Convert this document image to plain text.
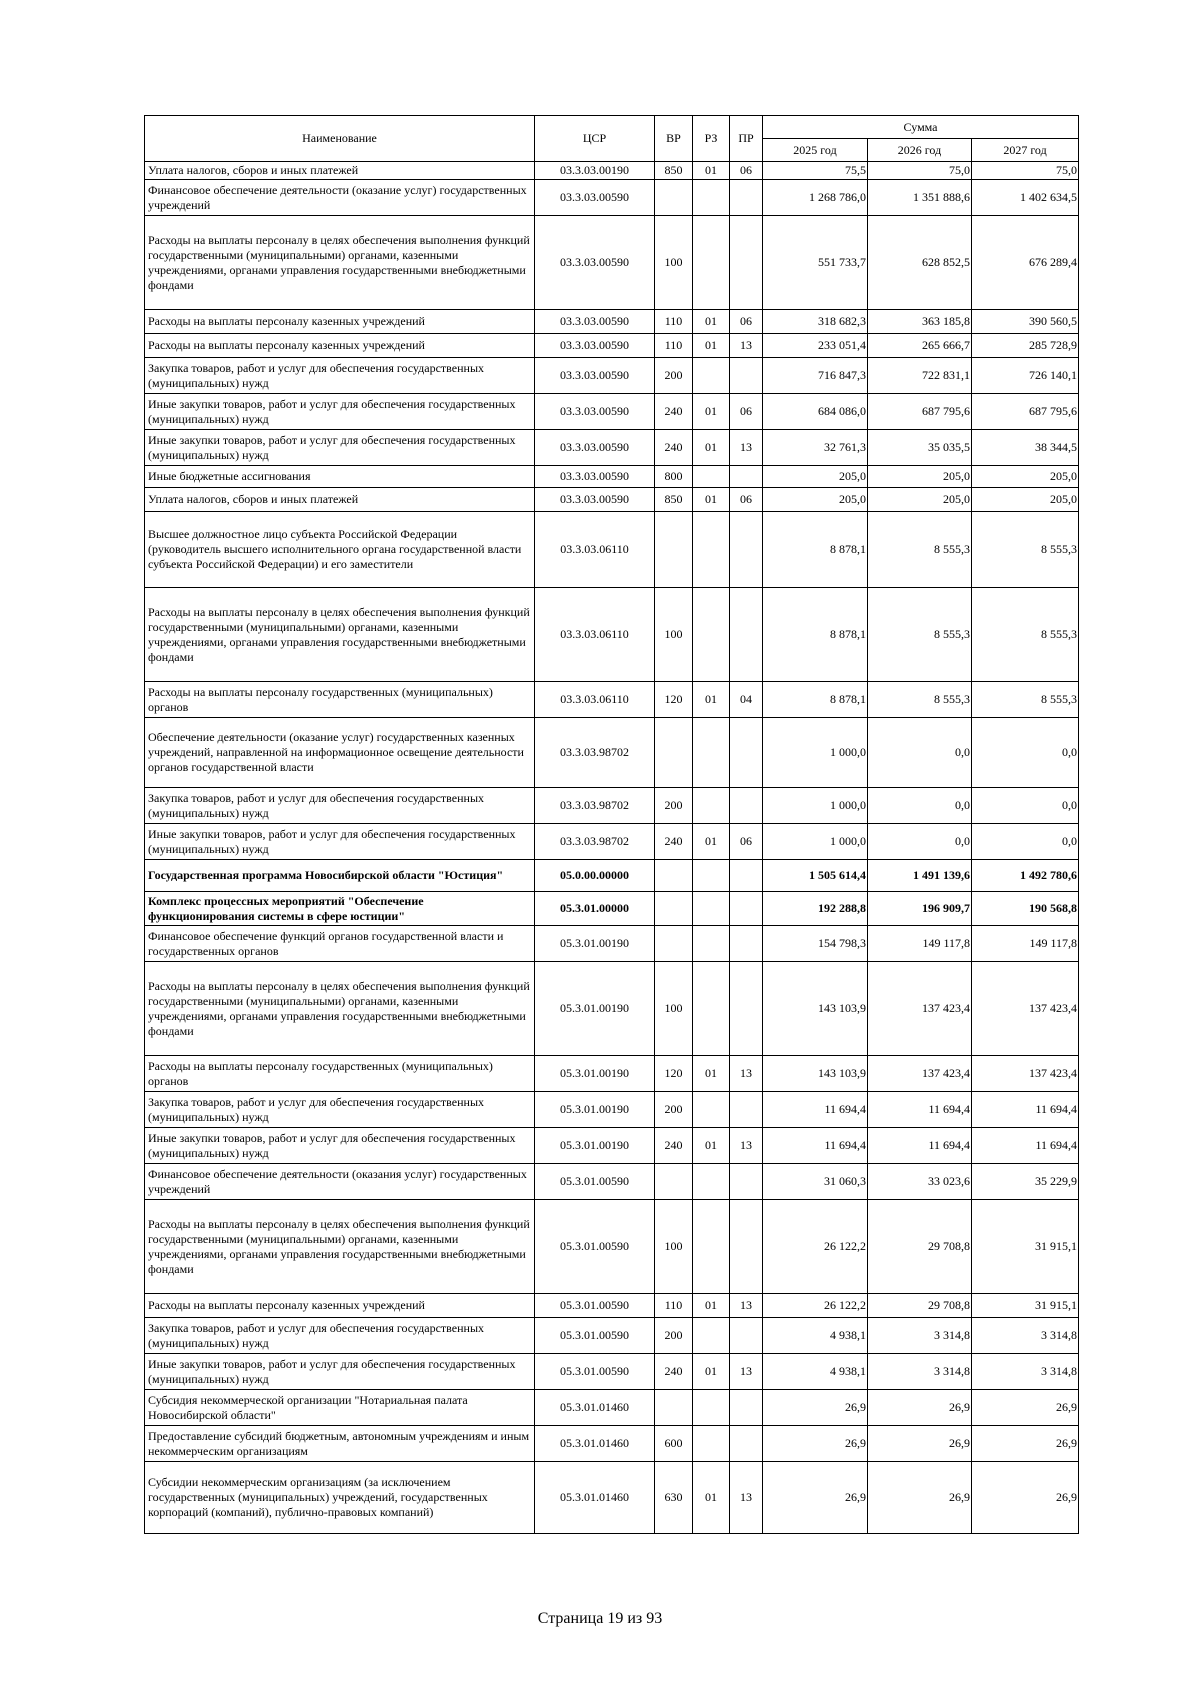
Наименование	ЦСР	ВР	РЗ	ПР	Сумма		
					2025 год	2026 год	2027 год
Уплата налогов, сборов и иных платежей	03.3.03.00190	850	01	06	75,5	75,0	75,0
Финансовое обеспечение деятельности (оказание услуг) государственных учреждений	03.3.03.00590				1 268 786,0	1 351 888,6	1 402 634,5
Расходы на выплаты персоналу в целях обеспечения выполнения функций государственными (муниципальными) органами, казенными учреждениями, органами управления государственными внебюджетными фондами	03.3.03.00590	100			551 733,7	628 852,5	676 289,4
Расходы на выплаты персоналу казенных учреждений	03.3.03.00590	110	01	06	318 682,3	363 185,8	390 560,5
Расходы на выплаты персоналу казенных учреждений	03.3.03.00590	110	01	13	233 051,4	265 666,7	285 728,9
Закупка товаров, работ и услуг для обеспечения государственных (муниципальных) нужд	03.3.03.00590	200			716 847,3	722 831,1	726 140,1
Иные закупки товаров, работ и услуг для обеспечения государственных (муниципальных) нужд	03.3.03.00590	240	01	06	684 086,0	687 795,6	687 795,6
Иные закупки товаров, работ и услуг для обеспечения государственных (муниципальных) нужд	03.3.03.00590	240	01	13	32 761,3	35 035,5	38 344,5
Иные бюджетные ассигнования	03.3.03.00590	800			205,0	205,0	205,0
Уплата налогов, сборов и иных платежей	03.3.03.00590	850	01	06	205,0	205,0	205,0
Высшее должностное лицо субъекта Российской Федерации (руководитель высшего исполнительного органа государственной власти субъекта Российской Федерации) и его заместители	03.3.03.06110				8 878,1	8 555,3	8 555,3
Расходы на выплаты персоналу в целях обеспечения выполнения функций государственными (муниципальными) органами, казенными учреждениями, органами управления государственными внебюджетными фондами	03.3.03.06110	100			8 878,1	8 555,3	8 555,3
Расходы на выплаты персоналу государственных (муниципальных) органов	03.3.03.06110	120	01	04	8 878,1	8 555,3	8 555,3
Обеспечение деятельности (оказание услуг) государственных казенных учреждений, направленной на информационное освещение деятельности органов государственной власти	03.3.03.98702				1 000,0	0,0	0,0
Закупка товаров, работ и услуг для обеспечения государственных (муниципальных) нужд	03.3.03.98702	200			1 000,0	0,0	0,0
Иные закупки товаров, работ и услуг для обеспечения государственных (муниципальных) нужд	03.3.03.98702	240	01	06	1 000,0	0,0	0,0
Государственная программа Новосибирской области "Юстиция"	05.0.00.00000				1 505 614,4	1 491 139,6	1 492 780,6
Комплекс процессных мероприятий "Обеспечение функционирования системы в сфере юстиции"	05.3.01.00000				192 288,8	196 909,7	190 568,8
Финансовое обеспечение функций органов государственной власти и государственных органов	05.3.01.00190				154 798,3	149 117,8	149 117,8
Расходы на выплаты персоналу в целях обеспечения выполнения функций государственными (муниципальными) органами, казенными учреждениями, органами управления государственными внебюджетными фондами	05.3.01.00190	100			143 103,9	137 423,4	137 423,4
Расходы на выплаты персоналу государственных (муниципальных) органов	05.3.01.00190	120	01	13	143 103,9	137 423,4	137 423,4
Закупка товаров, работ и услуг для обеспечения государственных (муниципальных) нужд	05.3.01.00190	200			11 694,4	11 694,4	11 694,4
Иные закупки товаров, работ и услуг для обеспечения государственных (муниципальных) нужд	05.3.01.00190	240	01	13	11 694,4	11 694,4	11 694,4
Финансовое обеспечение деятельности (оказания услуг) государственных учреждений	05.3.01.00590				31 060,3	33 023,6	35 229,9
Расходы на выплаты персоналу в целях обеспечения выполнения функций государственными (муниципальными) органами, казенными учреждениями, органами управления государственными внебюджетными фондами	05.3.01.00590	100			26 122,2	29 708,8	31 915,1
Расходы на выплаты персоналу казенных учреждений	05.3.01.00590	110	01	13	26 122,2	29 708,8	31 915,1
Закупка товаров, работ и услуг для обеспечения государственных (муниципальных) нужд	05.3.01.00590	200			4 938,1	3 314,8	3 314,8
Иные закупки товаров, работ и услуг для обеспечения государственных (муниципальных) нужд	05.3.01.00590	240	01	13	4 938,1	3 314,8	3 314,8
Субсидия некоммерческой организации "Нотариальная палата Новосибирской области"	05.3.01.01460				26,9	26,9	26,9
Предоставление субсидий бюджетным, автономным учреждениям и иным некоммерческим организациям	05.3.01.01460	600			26,9	26,9	26,9
Субсидии некоммерческим организациям (за исключением государственных (муниципальных) учреждений, государственных корпораций (компаний), публично-правовых компаний)	05.3.01.01460	630	01	13	26,9	26,9	26,9
Страница 19 из 93
